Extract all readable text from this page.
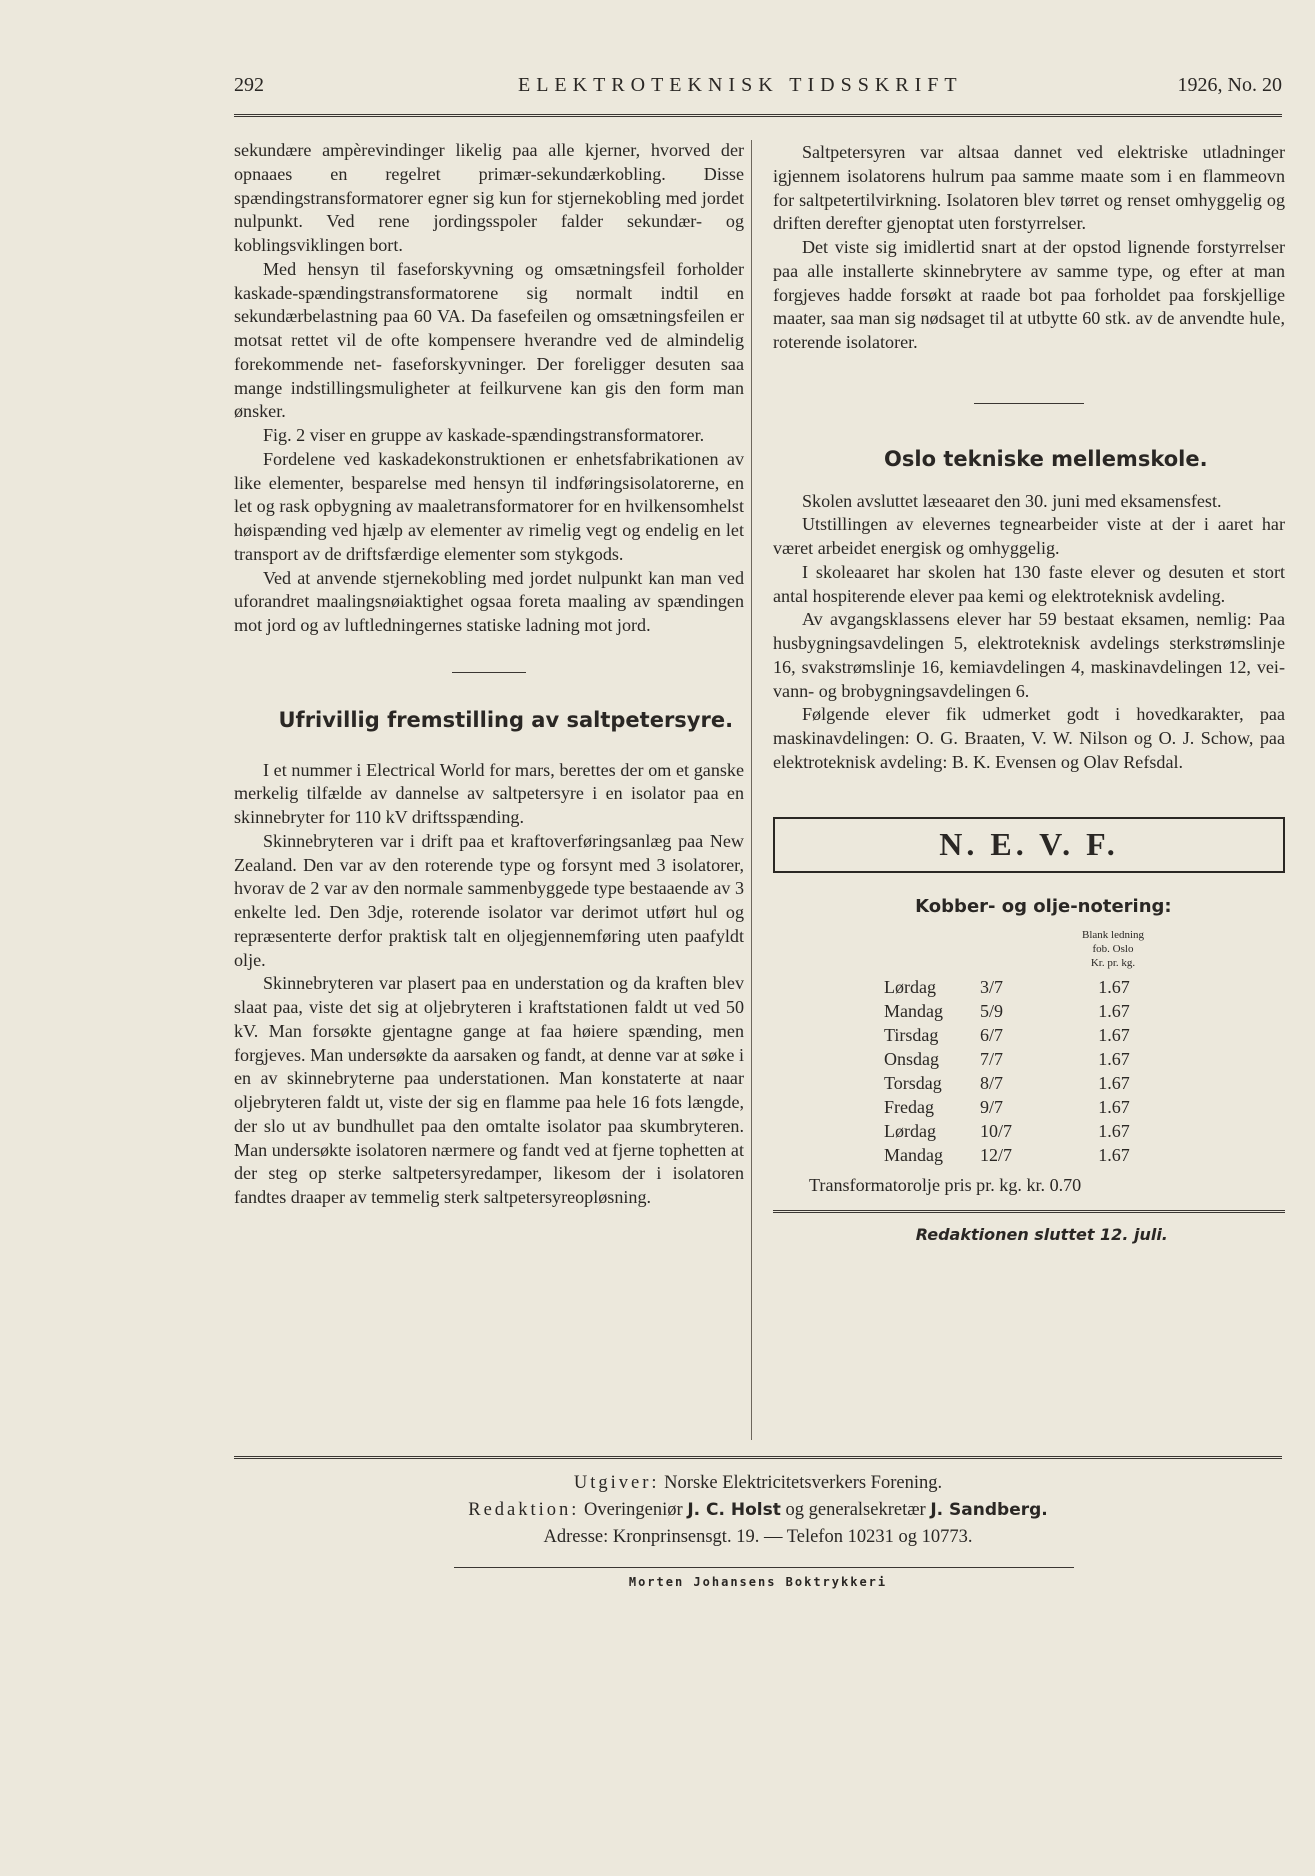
292	ELEKTROTEKNISK TIDSSKRIFT	1926, No. 20

sekundære ampèrevindinger likelig paa alle kjerner, hvorved der opnaaes en regelret primær-sekundærkobling. Disse spændingstransformatorer egner sig kun for stjernekobling med jordet nulpunkt. Ved rene jordingsspoler falder sekundær- og koblingsviklingen bort.

Med hensyn til faseforskyvning og omsætningsfeil forholder kaskade-spændingstransformatorene sig normalt indtil en sekundærbelastning paa 60 VA. Da fasefeilen og omsætningsfeilen er motsat rettet vil de ofte kompensere hverandre ved de almindelig forekommende net- faseforskyvninger. Der foreligger desuten saa mange indstillingsmuligheter at feilkurvene kan gis den form man ønsker.

Fig. 2 viser en gruppe av kaskade-spændingstransformatorer.

Fordelene ved kaskadekonstruktionen er enhetsfabrikationen av like elementer, besparelse med hensyn til indføringsisolatorerne, en let og rask opbygning av maaletransformatorer for en hvilkensomhelst høispænding ved hjælp av elementer av rimelig vegt og endelig en let transport av de driftsfærdige elementer som stykgods.

Ved at anvende stjernekobling med jordet nulpunkt kan man ved uforandret maalingsnøiaktighet ogsaa foreta maaling av spændingen mot jord og av luftledningernes statiske ladning mot jord.

Ufrivillig fremstilling av saltpetersyre.

I et nummer i Electrical World for mars, berettes der om et ganske merkelig tilfælde av dannelse av saltpetersyre i en isolator paa en skinnebryter for 110 kV driftsspænding.

Skinnebryteren var i drift paa et kraftoverføringsanlæg paa New Zealand. Den var av den roterende type og forsynt med 3 isolatorer, hvorav de 2 var av den normale sammenbyggede type bestaaende av 3 enkelte led. Den 3dje, roterende isolator var derimot utført hul og repræsenterte derfor praktisk talt en oljegjennemføring uten paafyldt olje.

Skinnebryteren var plasert paa en understation og da kraften blev slaat paa, viste det sig at oljebryteren i kraftstationen faldt ut ved 50 kV. Man forsøkte gjentagne gange at faa høiere spænding, men forgjeves. Man undersøkte da aarsaken og fandt, at denne var at søke i en av skinnebryterne paa understationen. Man konstaterte at naar oljebryteren faldt ut, viste der sig en flamme paa hele 16 fots længde, der slo ut av bundhullet paa den omtalte isolator paa skumbryteren. Man undersøkte isolatoren nærmere og fandt ved at fjerne tophetten at der steg op sterke saltpetersyredamper, likesom der i isolatoren fandtes draaper av temmelig sterk saltpetersyreopløsning.

Saltpetersyren var altsaa dannet ved elektriske utladninger igjennem isolatorens hulrum paa samme maate som i en flammeovn for saltpetertilvirkning. Isolatoren blev tørret og renset omhyggelig og driften derefter gjenoptat uten forstyrrelser.

Det viste sig imidlertid snart at der opstod lignende forstyrrelser paa alle installerte skinnebrytere av samme type, og efter at man forgjeves hadde forsøkt at raade bot paa forholdet paa forskjellige maater, saa man sig nødsaget til at utbytte 60 stk. av de anvendte hule, roterende isolatorer.

Oslo tekniske mellemskole.

Skolen avsluttet læseaaret den 30. juni med eksamensfest.

Utstillingen av elevernes tegnearbeider viste at der i aaret har været arbeidet energisk og omhyggelig.

I skoleaaret har skolen hat 130 faste elever og desuten et stort antal hospiterende elever paa kemi og elektroteknisk avdeling.

Av avgangsklassens elever har 59 bestaat eksamen, nemlig: Paa husbygningsavdelingen 5, elektroteknisk avdelings sterkstrømslinje 16, svakstrømslinje 16, kemiavdelingen 4, maskinavdelingen 12, vei- vann- og brobygningsavdelingen 6.

Følgende elever fik udmerket godt i hovedkarakter, paa maskinavdelingen: O. G. Braaten, V. W. Nilson og O. J. Schow, paa elektroteknisk avdeling: B. K. Evensen og Olav Refsdal.

N. E. V. F.

Kobber- og olje-notering:

Blank ledning
fob. Oslo
Kr. pr. kg.
Lørdag	3/7	1.67
Mandag	5/9	1.67
Tirsdag	6/7	1.67
Onsdag	7/7	1.67
Torsdag	8/7	1.67
Fredag	9/7	1.67
Lørdag	10/7	1.67
Mandag	12/7	1.67

Transformatorolje pris pr. kg. kr. 0.70

Redaktionen sluttet 12. juli.

Utgiver: Norske Elektricitetsverkers Forening.
Redaktion: Overingeniør J. C. Holst og generalsekretær J. Sandberg.
Adresse: Kronprinsensgt. 19. — Telefon 10231 og 10773.
Morten Johansens Boktrykkeri
